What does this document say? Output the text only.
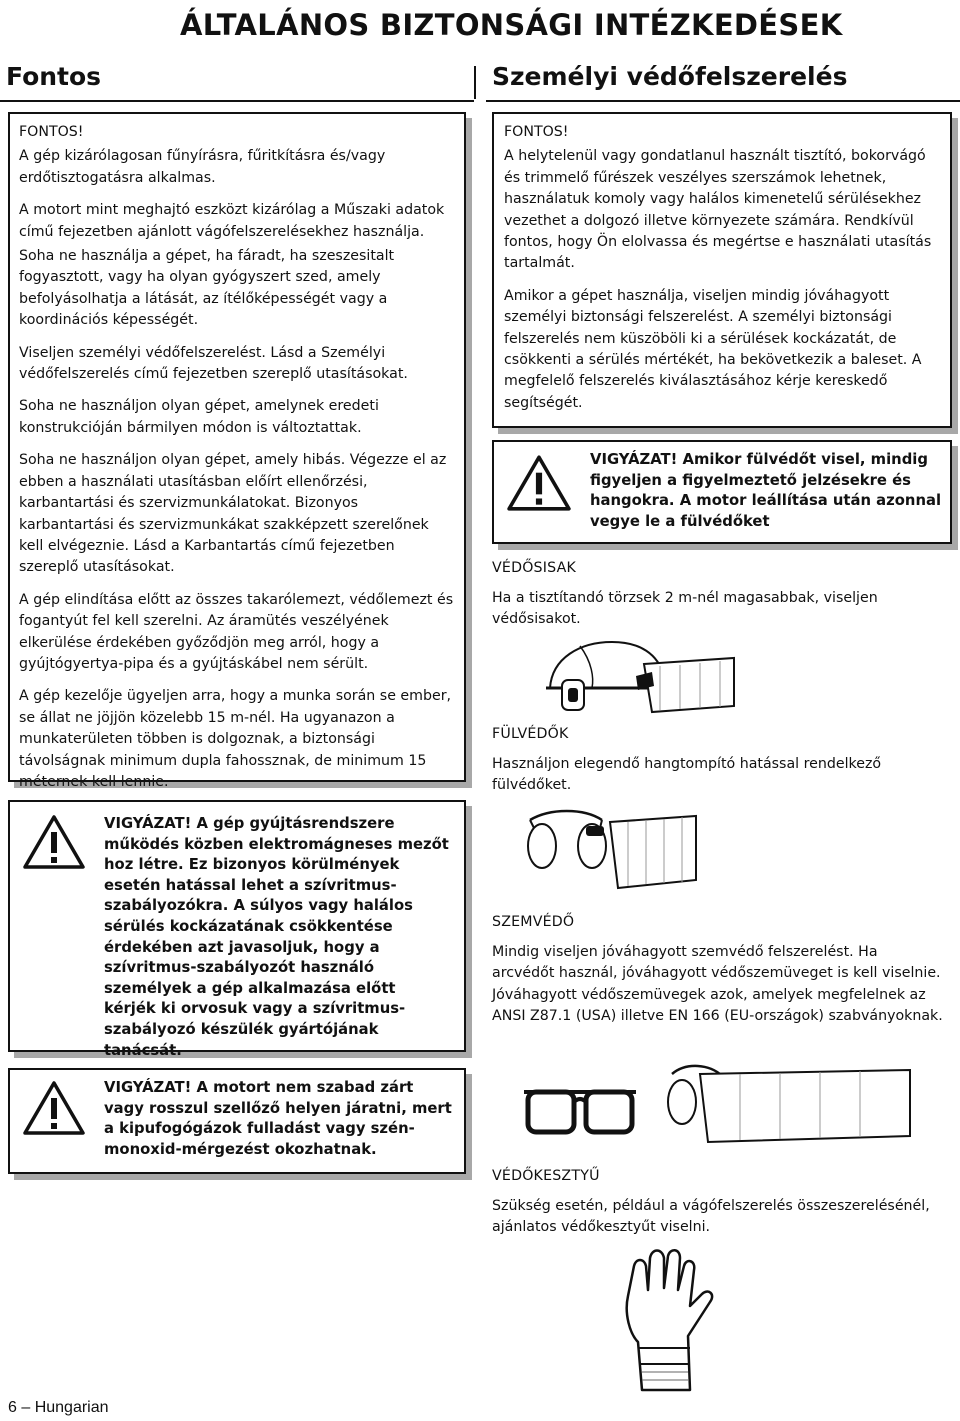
ÁLTALÁNOS BIZTONSÁGI INTÉZKEDÉSEK
Fontos	Személyi védőfelszerelés

FONTOS!

A gép kizárólagosan fűnyírásra, fűritkításra és/vagy erdőtisztogatásra alkalmas.

A motort mint meghajtó eszközt kizárólag a Műszaki adatok című fejezetben ajánlott vágófelszerelésekhez használja.

Soha ne használja a gépet, ha fáradt, ha szeszesitalt fogyasztott, vagy ha olyan gyógyszert szed, amely befolyásolhatja a látását, az ítélőképességét vagy a koordinációs képességét.

Viseljen személyi védőfelszerelést. Lásd a Személyi védőfelszerelés című fejezetben szereplő utasításokat.

Soha ne használjon olyan gépet, amelynek eredeti konstrukcióján bármilyen módon is változtattak.

Soha ne használjon olyan gépet, amely hibás. Végezze el az ebben a használati utasításban előírt ellenőrzési, karbantartási és szervizmunkálatokat. Bizonyos karbantartási és szervizmunkákat szakképzett szerelőnek kell elvégeznie. Lásd a Karbantartás című fejezetben szereplő utasításokat.

A gép elindítása előtt az összes takarólemezt, védőlemezt és fogantyút fel kell szerelni. Az áramütés veszélyének elkerülése érdekében győződjön meg arról, hogy a gyújtógyertya-pipa és a gyújtáskábel nem sérült.

A gép kezelője ügyeljen arra, hogy a munka során se ember, se állat ne jöjjön közelebb 15 m-nél. Ha ugyanazon a munkaterületen többen is dolgoznak, a biztonsági távolságnak minimum dupla fahossznak, de minimum 15 méternek kell lennie.

VIGYÁZAT! A gép gyújtásrendszere működés közben elektromágneses mezőt hoz létre. Ez bizonyos körülmények esetén hatással lehet a szívritmus-szabályozókra. A súlyos vagy halálos sérülés kockázatának csökkentése érdekében azt javasoljuk, hogy a szívritmus-szabályozót használó személyek a gép alkalmazása előtt kérjék ki orvosuk vagy a szívritmus-szabályozó készülék gyártójának tanácsát.
VIGYÁZAT! A motort nem szabad zárt vagy rosszul szellőző helyen járatni, mert a kipufogógázok fulladást vagy szén-monoxid-mérgezést okozhatnak.

FONTOS!

A helytelenül vagy gondatlanul használt tisztító, bokorvágó és trimmelő fűrészek veszélyes szerszámok lehetnek, használatuk komoly vagy halálos kimenetelű sérülésekhez vezethet a dolgozó illetve környezete számára. Rendkívül fontos, hogy Ön elolvassa és megértse e használati utasítás tartalmát.

Amikor a gépet használja, viseljen mindig jóváhagyott személyi biztonsági felszerelést. A személyi biztonsági felszerelés nem küszöböli ki a sérülések kockázatát, de csökkenti a sérülés mértékét, ha bekövetkezik a baleset. A megfelelő felszerelés kiválasztásához kérje kereskedő segítségét.

VIGYÁZAT! Amikor fülvédőt visel, mindig figyeljen a figyelmeztető jelzésekre és hangokra. A motor leállítása után azonnal vegye le a fülvédőket
VÉDŐSISAK
Ha a tisztítandó törzsek 2 m-nél magasabbak, viseljen védősisakot.
FÜLVÉDŐK
Használjon elegendő hangtompító hatással rendelkező fülvédőket.
SZEMVÉDŐ
Mindig viseljen jóváhagyott szemvédő felszerelést. Ha arcvédőt használ, jóváhagyott védőszemüveget is kell viselnie. Jóváhagyott védőszemüvegek azok, amelyek megfelelnek az ANSI Z87.1 (USA) illetve EN 166 (EU-országok) szabványoknak.
VÉDŐKESZTYŰ
Szükség esetén, például a vágófelszerelés összeszerelésénél, ajánlatos védőkesztyűt viselni.
6 – Hungarian
